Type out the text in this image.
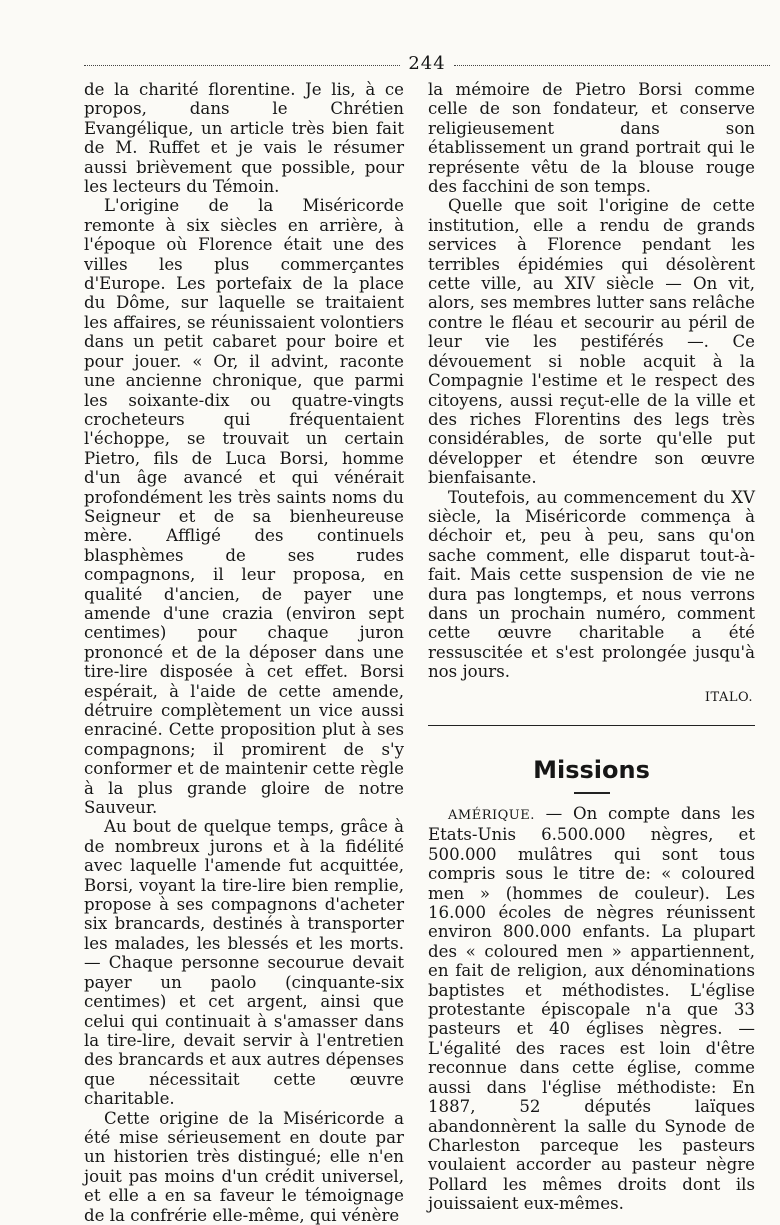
244

de la charité florentine. Je lis, à ce propos, dans le Chrétien Evangélique, un article très bien fait de M. Ruffet et je vais le résumer aussi brièvement que possible, pour les lecteurs du Témoin.

L'origine de la Miséricorde remonte à six siècles en arrière, à l'époque où Florence était une des villes les plus commerçantes d'Europe. Les portefaix de la place du Dôme, sur laquelle se traitaient les affaires, se réunissaient volontiers dans un petit cabaret pour boire et pour jouer. « Or, il advint, raconte une ancienne chronique, que parmi les soixante-dix ou quatre-vingts crocheteurs qui fréquentaient l'échoppe, se trouvait un certain Pietro, fils de Luca Borsi, homme d'un âge avancé et qui vénérait profondément les très saints noms du Seigneur et de sa bienheureuse mère. Affligé des continuels blasphèmes de ses rudes compagnons, il leur proposa, en qualité d'ancien, de payer une amende d'une crazia (environ sept centimes) pour chaque juron prononcé et de la déposer dans une tire-lire disposée à cet effet. Borsi espérait, à l'aide de cette amende, détruire complètement un vice aussi enraciné. Cette proposition plut à ses compagnons; il promirent de s'y conformer et de maintenir cette règle à la plus grande gloire de notre Sauveur.

Au bout de quelque temps, grâce à de nombreux jurons et à la fidélité avec laquelle l'amende fut acquittée, Borsi, voyant la tire-lire bien remplie, propose à ses compagnons d'acheter six brancards, destinés à transporter les malades, les blessés et les morts. — Chaque personne secourue devait payer un paolo (cinquante-six centimes) et cet argent, ainsi que celui qui continuait à s'amasser dans la tire-lire, devait servir à l'entretien des brancards et aux autres dépenses que nécessitait cette œuvre charitable.

Cette origine de la Miséricorde a été mise sérieusement en doute par un historien très distingué; elle n'en jouit pas moins d'un crédit universel, et elle a en sa faveur le témoignage de la confrérie elle-même, qui vénère

la mémoire de Pietro Borsi comme celle de son fondateur, et conserve religieusement dans son établissement un grand portrait qui le représente vêtu de la blouse rouge des facchini de son temps.

Quelle que soit l'origine de cette institution, elle a rendu de grands services à Florence pendant les terribles épidémies qui désolèrent cette ville, au XIV siècle — On vit, alors, ses membres lutter sans relâche contre le fléau et secourir au péril de leur vie les pestiférés —. Ce dévouement si noble acquit à la Compagnie l'estime et le respect des citoyens, aussi reçut-elle de la ville et des riches Florentins des legs très considérables, de sorte qu'elle put développer et étendre son œuvre bienfaisante.

Toutefois, au commencement du XV siècle, la Miséricorde commença à déchoir et, peu à peu, sans qu'on sache comment, elle disparut tout-à-fait. Mais cette suspension de vie ne dura pas longtemps, et nous verrons dans un prochain numéro, comment cette œuvre charitable a été ressuscitée et s'est prolongée jusqu'à nos jours.

ITALO.
Missions

AMÉRIQUE. — On compte dans les Etats-Unis 6.500.000 nègres, et 500.000 mulâtres qui sont tous compris sous le titre de: « coloured men » (hommes de couleur). Les 16.000 écoles de nègres réunissent environ 800.000 enfants. La plupart des « coloured men » appartiennent, en fait de religion, aux dénominations baptistes et méthodistes. L'église protestante épiscopale n'a que 33 pasteurs et 40 églises nègres. — L'égalité des races est loin d'être reconnue dans cette église, comme aussi dans l'église méthodiste: En 1887, 52 députés laïques abandonnèrent la salle du Synode de Charleston parceque les pasteurs voulaient accorder au pasteur nègre Pollard les mêmes droits dont ils jouissaient eux-mêmes.
